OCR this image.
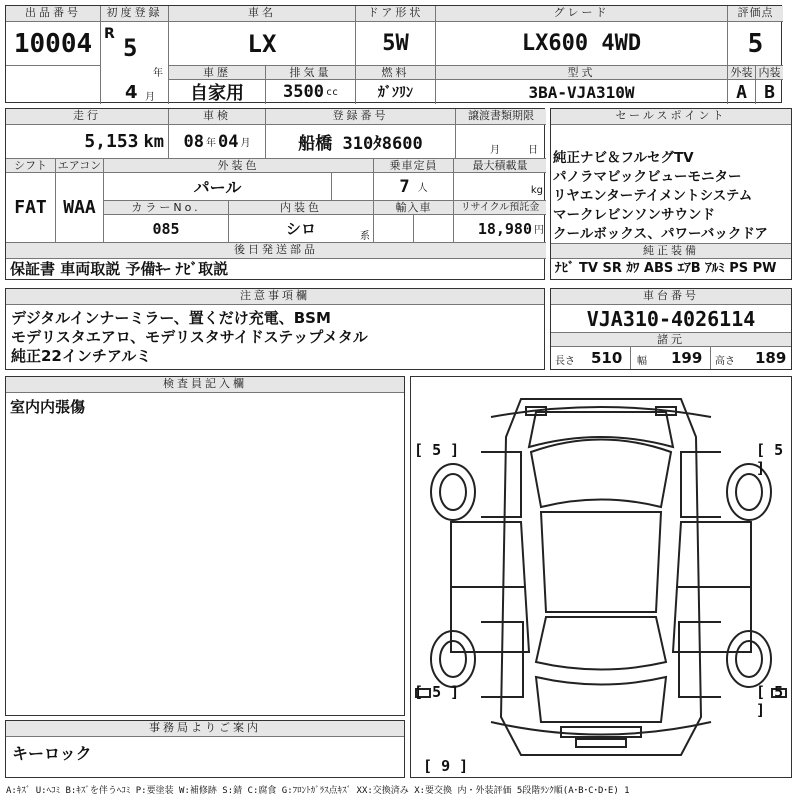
出品番号
10004
初度登録
R 5
年
4 月
車名
LX
ドア形状
5W
グレード
LX600 4WD
評価点
5
車歴
自家用
排気量
3500 cc
燃料
ｶﾞｿﾘﾝ
型式
3BA-VJA310W
外装
A
内装
B
走行
5,153 km
車検
08 年 04 月
登録番号
船橋 310ﾀ8600
譲渡書類期限
月	日
シフト
FAT
エアコン
WAA
外装色
パール
乗車定員
7 人
最大積載量
kg
カラーNo.
085
内装色
シロ	系
輸入車	リサイクル預託金
18,980 円
後日発送部品
保証書 車両取説 予備ｷｰ ﾅﾋﾞ取説
セールスポイント
純正ナビ＆フルセグTV
パノラマビックビューモニター
リヤエンターテイメントシステム
マークレビンソンサウンド
クールボックス、パワーバックドア
純正装備
ﾅﾋﾞ TV SR ｶﾜ ABS ｴｱB ｱﾙﾐ PS PW
注意事項欄
デジタルインナーミラー、置くだけ充電、BSM
モデリスタエアロ、モデリスタサイドステップメタル
純正22インチアルミ
車台番号
VJA310-4026114
諸元
長さ 510 幅 199 高さ 189
検査員記入欄
室内内張傷
事務局よりご案内
キーロック
[ 5 ]	[ 5 ]
[ 5 ]	[ 5 ]
[ 9 ]
A:ｷｽﾞ U:ﾍｺﾐ B:ｷｽﾞを伴うﾍｺﾐ P:要塗装 W:補修跡 S:錆 C:腐食 G:ﾌﾛﾝﾄｶﾞﾗｽ点ｷｽﾞ XX:交換済み X:要交換 内・外装評価 5段階ﾗﾝｸ順(A･B･C･D･E) 1
